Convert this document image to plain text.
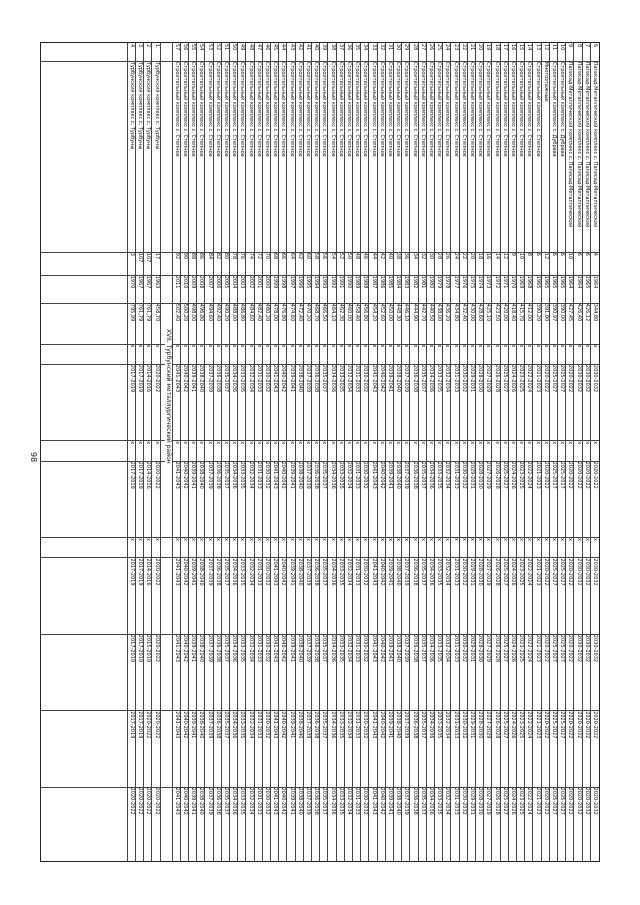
6
Палисад-Металлический комплекс с. Палисад-Металлический
4
1964
344,80
x
2030-2032
x
2020-2022
x
2030-2032
2030-2032
2020-2022
2020-2032
7
Палисад-Металлический комплекс с. Палисад-Металлический
6
1965
426,12
x
2030-2032
x
2020-2022
x
2030-2032
2030-2032
2020-2022
2020-2032
8
Палисад-Металлический комплекс с. Палисад-Металлический
6
1964
426,40
x
2030-2032
x
2020-2022
x
2030-2032
2030-2032
2020-2022
2020-2032
9
Палисад-Металлический комплекс с. Палисад-Металлический
10
1964
427,45
x
2020-2022
x
2020-2022
x
2020-2022
2020-2022
2020-2022
2020-2022
10
Строительный комплекс с. Дубрава
6
1965
390,00
x
2025-2027
x
2025-2027
x
2025-2027
2025-2027
2025-2027
2025-2027
11
Строительный комплекс с. Дубрава
6
1965
390,97
x
2025-2027
x
2025-2027
x
2025-2027
2025-2027
2025-2027
2025-2027
12
Многоэтажные
12
1965
391,00
x
2020-2022
x
2020-2022
x
2020-2022
2020-2022
2020-2022
2020-2022
13
Строительный комплекс с. Степное
6
1965
390,20
x
2021-2023
x
2021-2023
x
2021-2023
2021-2023
2021-2023
2021-2023
14
Строительный комплекс с. Степное
8
1968
412,00
x
2022-2024
x
2022-2024
x
2022-2024
2022-2024
2022-2024
2022-2024
15
Строительный комплекс с. Степное
10
1969
415,70
x
2023-2025
x
2023-2025
x
2023-2025
2023-2025
2023-2025
2023-2025
16
Строительный комплекс с. Степное
9
1970
418,40
x
2024-2026
x
2024-2026
x
2024-2026
2024-2026
2024-2026
2024-2026
17
Строительный комплекс с. Степное
12
1971
420,00
x
2025-2027
x
2025-2027
x
2025-2027
2025-2027
2025-2027
2025-2027
18
Строительный комплекс с. Степное
14
1972
423,50
x
2026-2028
x
2026-2028
x
2026-2028
2026-2028
2026-2028
2026-2028
19
Строительный комплекс с. Степное
16
1973
425,10
x
2027-2029
x
2027-2029
x
2027-2029
2027-2029
2027-2029
2027-2029
20
Строительный комплекс с. Степное
18
1974
428,60
x
2028-2030
x
2028-2030
x
2028-2030
2028-2030
2028-2030
2028-2030
21
Строительный комплекс с. Степное
20
1975
430,00
x
2029-2031
x
2029-2031
x
2029-2031
2029-2031
2029-2031
2029-2031
22
Строительный комплекс с. Степное
22
1976
432,40
x
2030-2032
x
2030-2032
x
2030-2032
2030-2032
2030-2032
2030-2032
23
Строительный комплекс с. Степное
24
1977
434,80
x
2031-2033
x
2031-2033
x
2031-2033
2031-2033
2031-2033
2031-2033
24
Строительный комплекс с. Степное
26
1978
436,20
x
2032-2034
x
2032-2034
x
2032-2034
2032-2034
2032-2034
2032-2034
25
Строительный комплекс с. Степное
28
1979
438,00
x
2033-2035
x
2033-2035
x
2033-2035
2033-2035
2033-2035
2033-2035
26
Строительный комплекс с. Степное
30
1980
440,50
x
2034-2036
x
2034-2036
x
2034-2036
2034-2036
2034-2036
2034-2036
27
Строительный комплекс с. Степное
32
1981
442,70
x
2035-2037
x
2035-2037
x
2035-2037
2035-2037
2035-2037
2035-2037
28
Строительный комплекс с. Степное
34
1982
444,90
x
2036-2038
x
2036-2038
x
2036-2038
2036-2038
2036-2038
2036-2038
29
Строительный комплекс с. Степное
36
1983
446,10
x
2037-2039
x
2037-2039
x
2037-2039
2037-2039
2037-2039
2037-2039
30
Строительный комплекс с. Степное
38
1984
448,30
x
2038-2040
x
2038-2040
x
2038-2040
2038-2040
2038-2040
2038-2040
31
Строительный комплекс с. Степное
40
1985
450,00
x
2039-2041
x
2039-2041
x
2039-2041
2039-2041
2039-2041
2039-2041
32
Строительный комплекс с. Степное
42
1986
452,60
x
2040-2042
x
2040-2042
x
2040-2042
2040-2042
2040-2042
2040-2042
33
Строительный комплекс с. Степное
44
1987
454,20
x
2041-2043
x
2041-2043
x
2041-2043
2041-2043
2041-2043
2041-2043
34
Строительный комплекс с. Степное
46
1988
456,80
x
2030-2032
x
2030-2032
x
2030-2032
2030-2032
2030-2032
2030-2032
35
Строительный комплекс с. Степное
48
1989
458,40
x
2031-2033
x
2031-2033
x
2031-2033
2031-2033
2031-2033
2031-2033
36
Строительный комплекс с. Степное
50
1990
460,00
x
2032-2034
x
2032-2034
x
2032-2034
2032-2034
2032-2034
2032-2034
37
Строительный комплекс с. Степное
52
1991
462,30
x
2033-2035
x
2033-2035
x
2033-2035
2033-2035
2033-2035
2033-2035
38
Строительный комплекс с. Степное
54
1992
464,10
x
2034-2036
x
2034-2036
x
2034-2036
2034-2036
2034-2036
2034-2036
39
Строительный комплекс с. Степное
56
1993
466,50
x
2035-2037
x
2035-2037
x
2035-2037
2035-2037
2035-2037
2035-2037
40
Строительный комплекс с. Степное
58
1994
468,70
x
2036-2038
x
2036-2038
x
2036-2038
2036-2038
2036-2038
2036-2038
41
Строительный комплекс с. Степное
60
1995
470,20
x
2037-2039
x
2037-2039
x
2037-2039
2037-2039
2037-2039
2037-2039
42
Строительный комплекс с. Степное
62
1996
472,40
x
2038-2040
x
2038-2040
x
2038-2040
2038-2040
2038-2040
2038-2040
43
Строительный комплекс с. Степное
64
1997
474,60
x
2039-2041
x
2039-2041
x
2039-2041
2039-2041
2039-2041
2039-2041
44
Строительный комплекс с. Степное
66
1998
476,80
x
2040-2042
x
2040-2042
x
2040-2042
2040-2042
2040-2042
2040-2042
45
Строительный комплекс с. Степное
68
1999
478,00
x
2041-2043
x
2041-2043
x
2041-2043
2041-2043
2041-2043
2041-2043
46
Строительный комплекс с. Степное
70
2000
480,20
x
2030-2032
x
2030-2032
x
2030-2032
2030-2032
2030-2032
2030-2032
47
Строительный комплекс с. Степное
72
2001
482,40
x
2031-2033
x
2031-2033
x
2031-2033
2031-2033
2031-2033
2031-2033
48
Строительный комплекс с. Степное
74
2002
484,60
x
2032-2034
x
2032-2034
x
2032-2034
2032-2034
2032-2034
2032-2034
49
Строительный комплекс с. Степное
76
2003
486,80
x
2033-2035
x
2033-2035
x
2033-2035
2033-2035
2033-2035
2033-2035
50
Строительный комплекс с. Степное
78
2004
488,00
x
2034-2036
x
2034-2036
x
2034-2036
2034-2036
2034-2036
2034-2036
51
Строительный комплекс с. Степное
80
2005
490,20
x
2035-2037
x
2035-2037
x
2035-2037
2035-2037
2035-2037
2035-2037
52
Строительный комплекс с. Степное
82
2006
492,40
x
2036-2038
x
2036-2038
x
2036-2038
2036-2038
2036-2038
2036-2038
53
Строительный комплекс с. Степное
84
2007
494,60
x
2037-2039
x
2037-2039
x
2037-2039
2037-2039
2037-2039
2037-2039
54
Строительный комплекс с. Степное
86
2008
496,80
x
2038-2040
x
2038-2040
x
2038-2040
2038-2040
2038-2040
2038-2040
55
Строительный комплекс с. Степное
88
2009
498,00
x
2039-2041
x
2039-2041
x
2039-2041
2039-2041
2039-2041
2039-2041
56
Строительный комплекс с. Степное
90
2010
500,20
x
2040-2042
x
2040-2042
x
2040-2042
2040-2042
2040-2042
2040-2042
57
Строительный комплекс с. Степное
92
2011
502,40
x
2041-2043
x
2041-2043
x
2041-2043
2041-2043
2041-2043
2041-2043
1
Турбунский комплекс с. Турбуны
17
1963
458,70
x
2020-2022
x
2020-2022
x
2020-2022
2020-2022
2020-2022
2020-2022
2
Турбунский комплекс с. Турбуны
107
1967
761,79
x
2014-2016
x
2014-2016
x
2014-2016
2015-2019
2020-2022
2020-2022
3
Турбунский комплекс с. Турбуны
107
1967
761,79
x
2017-2019
x
2017-2019
x
2017-2019
2017-2019
2017-2019
2020-2022
4
Турбунский комплекс с. Турбуны
3
1970
795,99
x
2017-2019
x
2017-2019
x
2017-2019
2017-2019
2017-2019
2020-2022
98	XVII. Турбунский металлургический район
